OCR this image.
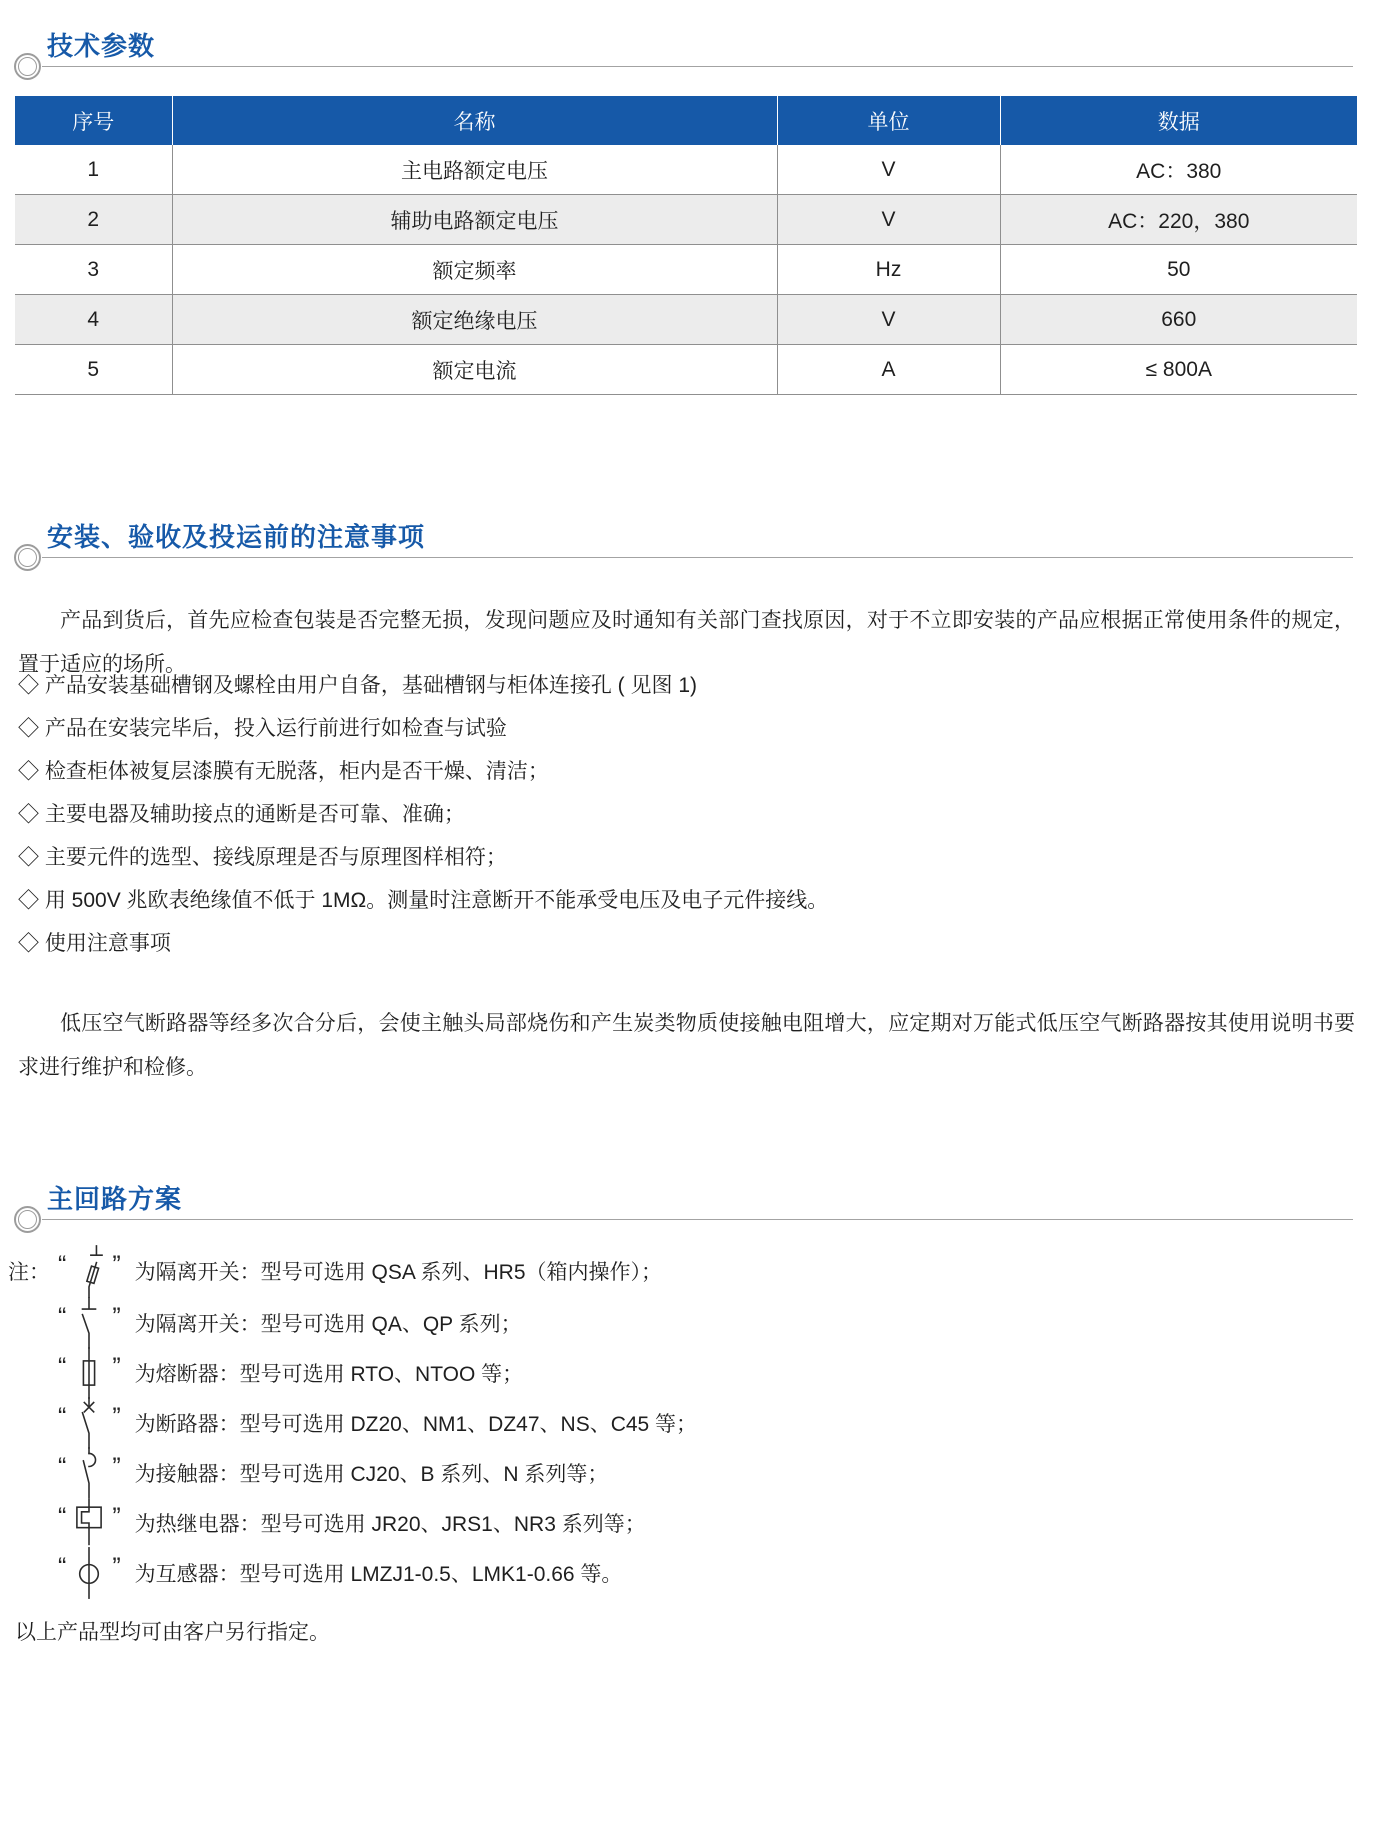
技术参数
序号	名称	单位	数据
1	主电路额定电压	V	AC：380
2	辅助电路额定电压	V	AC：220，380
3	额定频率	Hz	50
4	额定绝缘电压	V	660
5	额定电流	A	≤ 800A
安装、验收及投运前的注意事项

产品到货后，首先应检查包装是否完整无损，发现问题应及时通知有关部门查找原因，对于不立即安装的产品应根据正常使用条件的规定，置于适应的场所。

◇ 产品安装基础槽钢及螺栓由用户自备，基础槽钢与柜体连接孔 ( 见图 1)
◇ 产品在安装完毕后，投入运行前进行如检查与试验
◇ 检查柜体被复层漆膜有无脱落，柜内是否干燥、清洁；
◇ 主要电器及辅助接点的通断是否可靠、准确；
◇ 主要元件的选型、接线原理是否与原理图样相符；
◇ 用 500V 兆欧表绝缘值不低于 1MΩ。测量时注意断开不能承受电压及电子元件接线。
◇ 使用注意事项

低压空气断路器等经多次合分后，会使主触头局部烧伤和产生炭类物质使接触电阻增大，应定期对万能式低压空气断路器按其使用说明书要求进行维护和检修。

主回路方案
注： “ ” 为隔离开关：型号可选用 QSA 系列、HR5（箱内操作）；
“ ” 为隔离开关：型号可选用 QA、QP 系列；
“ ” 为熔断器：型号可选用 RTO、NTOO 等；
“ ” 为断路器：型号可选用 DZ20、NM1、DZ47、NS、C45 等；
“ ” 为接触器：型号可选用 CJ20、B 系列、N 系列等；
“ ” 为热继电器：型号可选用 JR20、JRS1、NR3 系列等；
“ ” 为互感器：型号可选用 LMZJ1-0.5、LMK1-0.66 等。
以上产品型均可由客户另行指定。
